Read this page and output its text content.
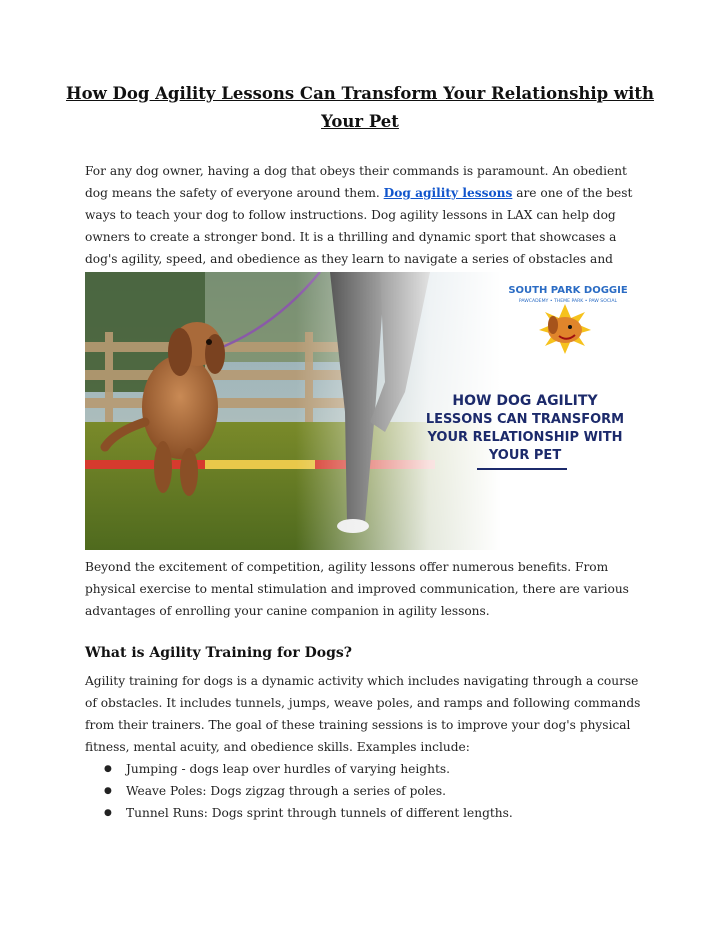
How Dog Agility Lessons Can Transform Your Relationship with
Your Pet

For any dog owner, having a dog that obeys their commands is paramount. An obedient dog means the safety of everyone around them. Dog agility lessons are one of the best ways to teach your dog to follow instructions. Dog agility lessons in LAX can help dog owners to create a stronger bond. It is a thrilling and dynamic sport that showcases a dog's agility, speed, and obedience as they learn to navigate a series of obstacles and

SOUTH PARK DOGGIE
PAWCADEMY • THEME PARK • PAW SOCIAL
HOW DOG AGILITY
LESSONS CAN TRANSFORM
YOUR RELATIONSHIP WITH
YOUR PET

Beyond the excitement of competition, agility lessons offer numerous benefits. From physical exercise to mental stimulation and improved communication, there are various advantages of enrolling your canine companion in agility lessons.

What is Agility Training for Dogs?

Agility training for dogs is a dynamic activity which includes navigating through a course of obstacles. It includes tunnels, jumps, weave poles, and ramps and following commands from their trainers. The goal of these training sessions is to improve your dog's physical fitness, mental acuity, and obedience skills. Examples include:

● Jumping - dogs leap over hurdles of varying heights.
● Weave Poles: Dogs zigzag through a series of poles.
● Tunnel Runs: Dogs sprint through tunnels of different lengths.
